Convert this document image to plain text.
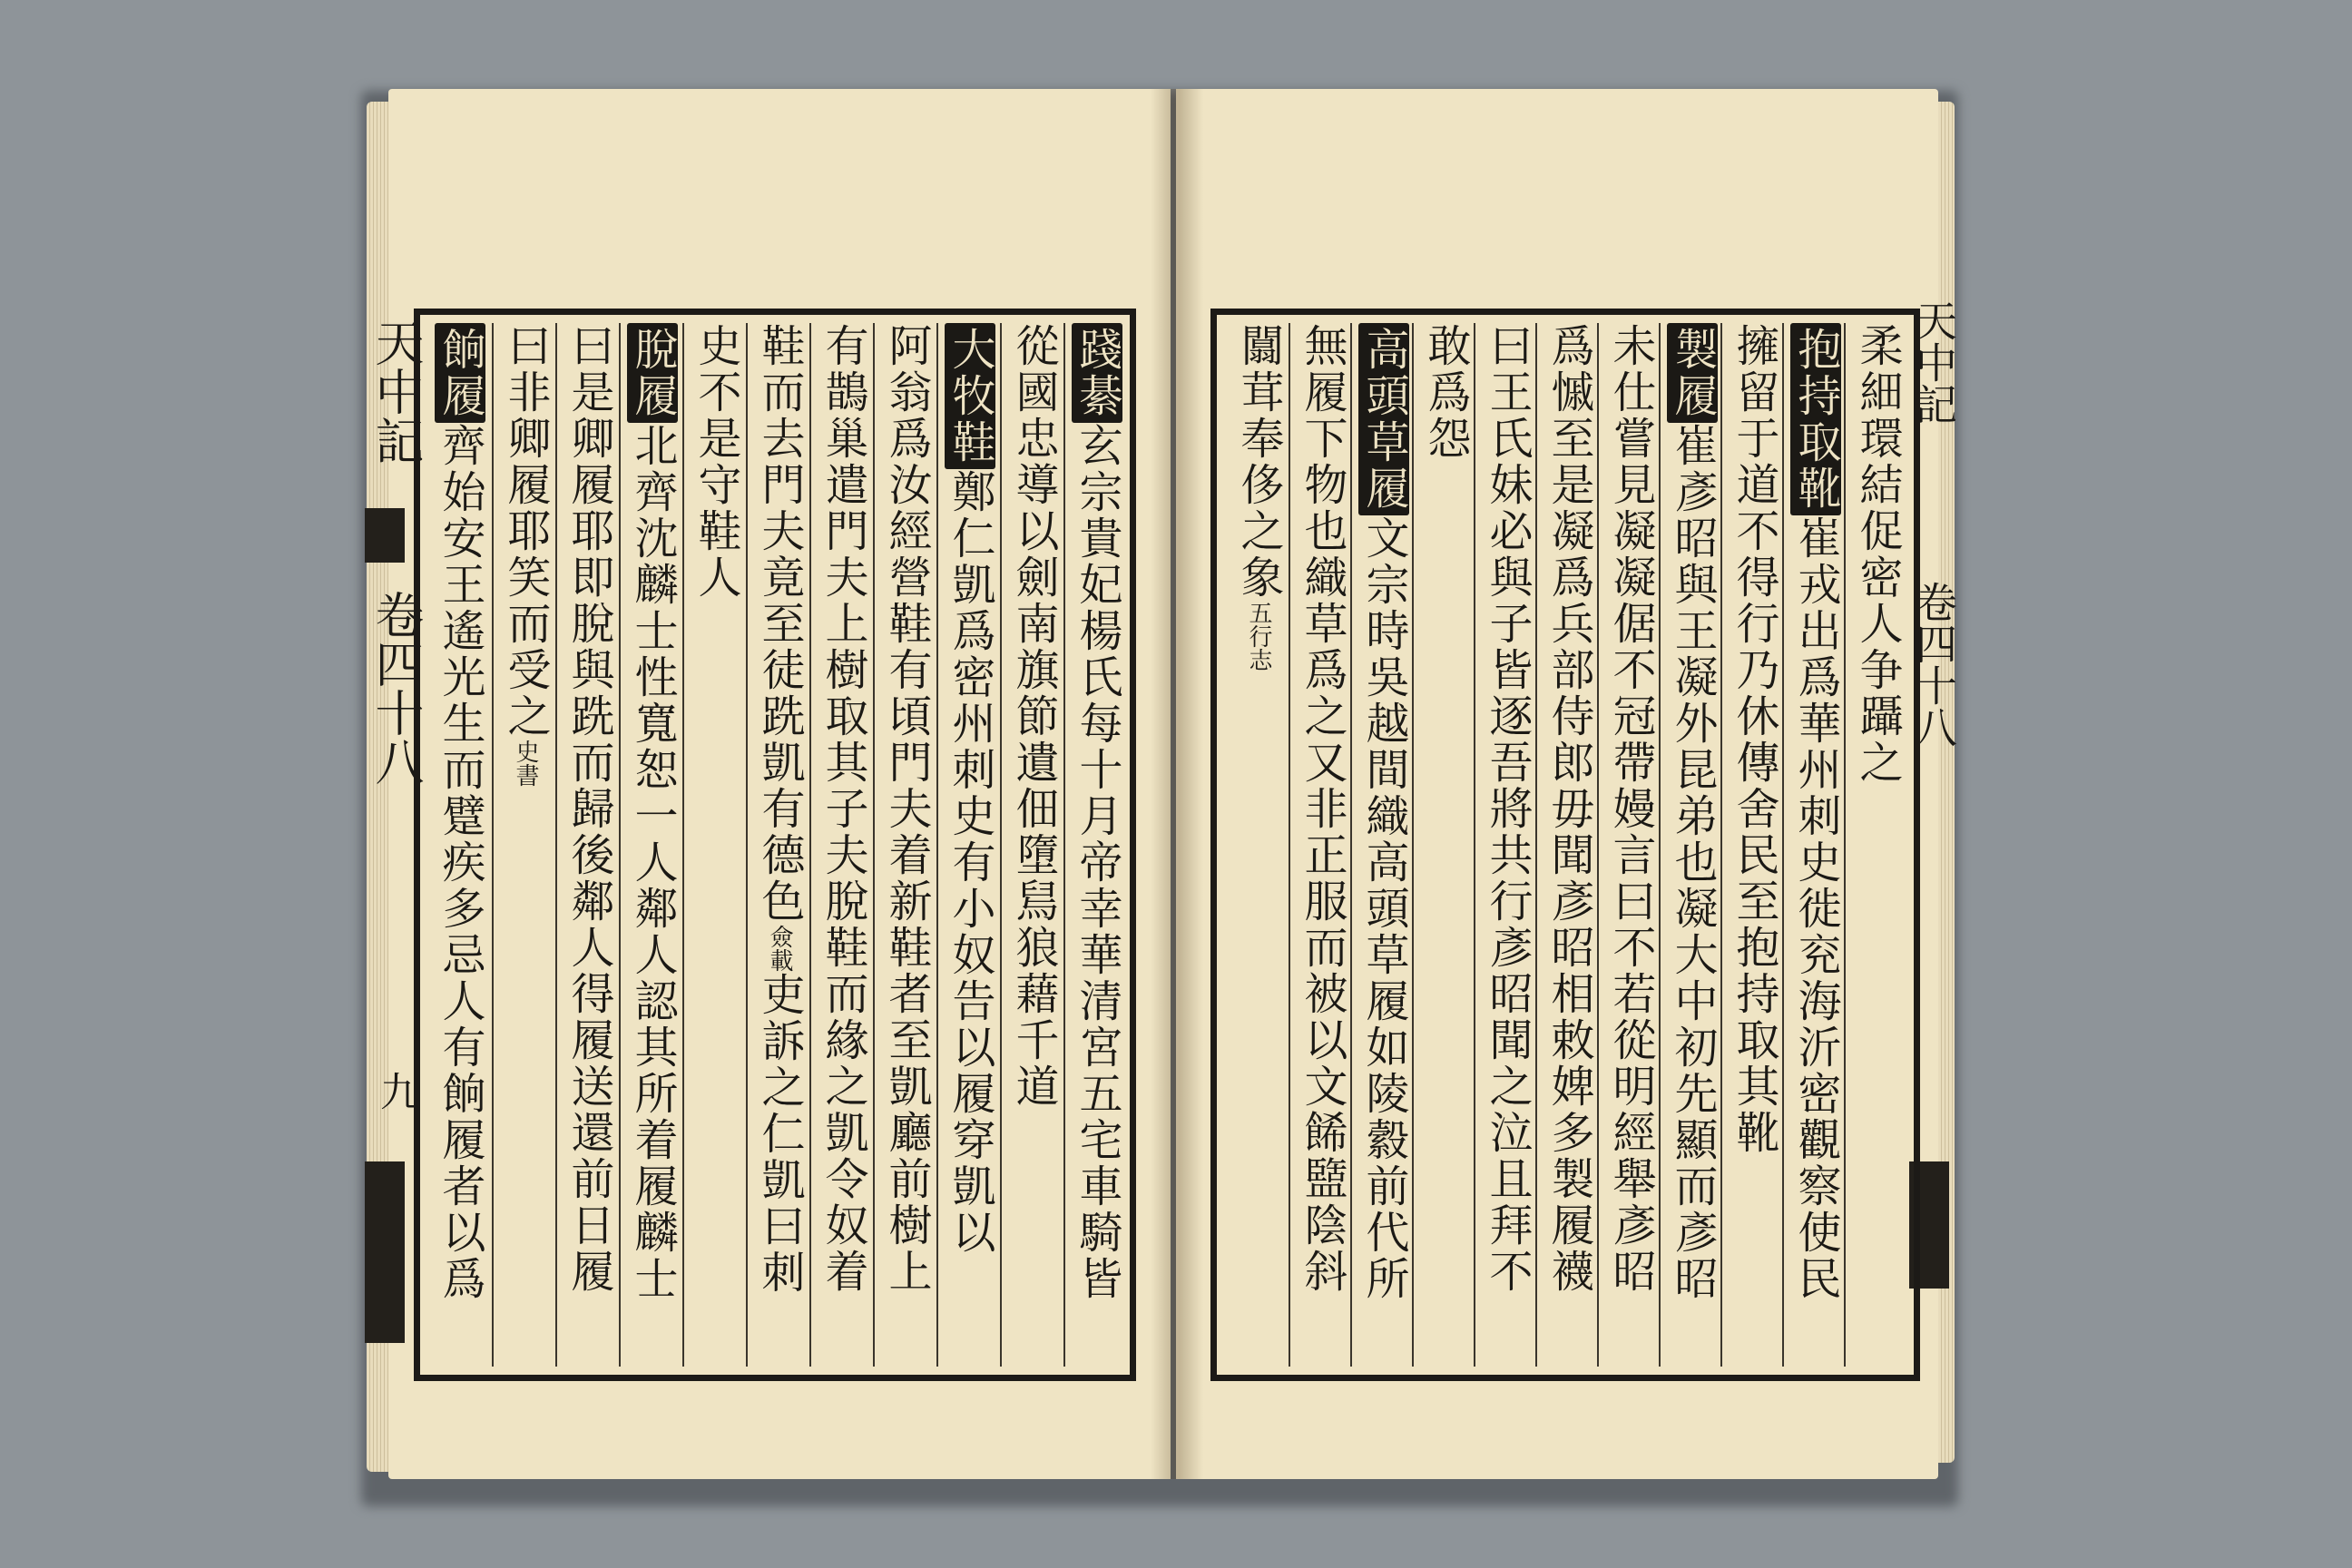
天中記
卷四十八
九
天中記
卷四十八
踐綦玄宗貴妃楊氏每十月帝幸華清宮五宅車騎皆
從國忠導以劍南旗節遺佃墮舃狼藉千道
大牧鞋鄭仁凱爲密州刺史有小奴告以履穿凱以
阿翁爲汝經營鞋有頃門夫着新鞋者至凱廳前樹上
有鵲巢遣門夫上樹取其子夫脫鞋而緣之凱令奴着
鞋而去門夫竟至徒跣凱有德色僉載吏訴之仁凱曰刺
史不是守鞋人
脫履北齊沈麟士性寬恕一人鄰人認其所着履麟士
曰是卿履耶即脫與跣而歸後鄰人得履送還前日履
曰非卿履耶笑而受之史書
餉履齊始安王遙光生而躄疾多忌人有餉履者以爲	柔細環結促密人争躡之
抱持取靴崔戎出爲華州刺史徙兖海沂密觀察使民
擁留于道不得行乃休傳舍民至抱持取其靴
製履崔彥昭與王凝外昆弟也凝大中初先顯而彥昭
未仕嘗見凝凝倨不冠帶嫚言曰不若從明經舉彥昭
爲慽至是凝爲兵部侍郎毋聞彥昭相敕婢多製履襪
曰王氏妹必與子皆逐吾將共行彥昭聞之泣且拜不
敢爲怨
高頭草履文宗時吳越間織高頭草履如陵縠前代所
無履下物也織草爲之又非正服而被以文餙盬陰斜
闒茸奉侈之象五行志
